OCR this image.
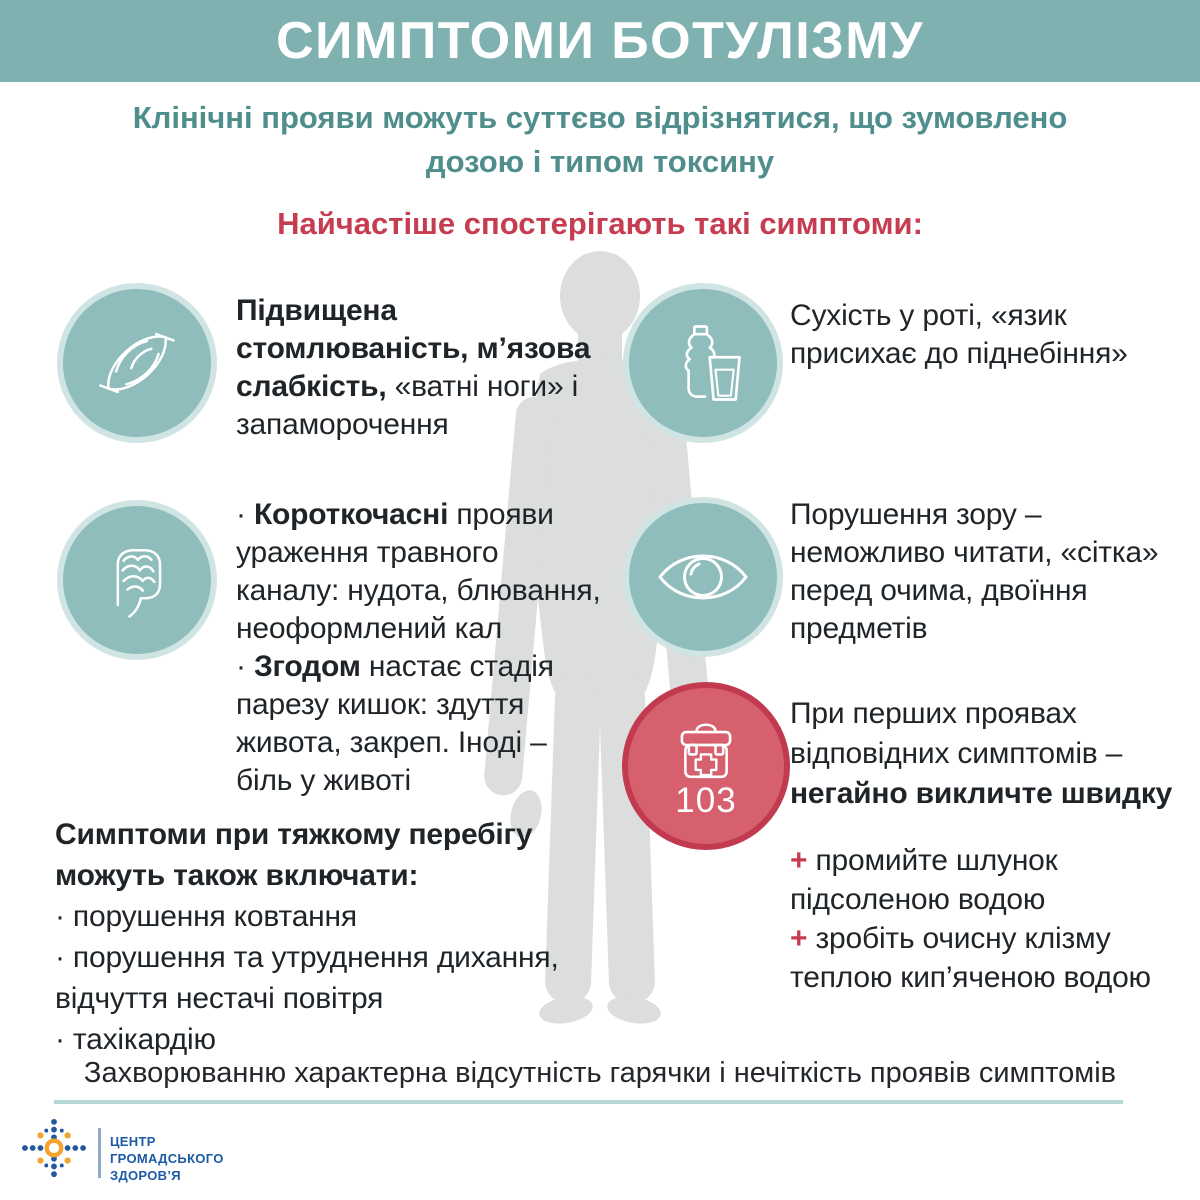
СИМПТОМИ БОТУЛІЗМУ
Клінічні прояви можуть суттєво відрізнятися, що зумовлено
дозою і типом токсину
Найчастіше спостерігають такі симптоми:
Підвищена
стомлюваність, м’язова
слабкість, «ватні ноги» і
запаморочення
· Короткочасні прояви
ураження травного
каналу: нудота, блювання,
неоформлений кал
· Згодом настає стадія
парезу кишок: здуття
живота, закреп. Іноді –
біль у животі
Сухість у роті, «язик
присихає до піднебіння»
Порушення зору –
неможливо читати, «сітка»
перед очима, двоїння
предметів
103
При перших проявах
відповідних симптомів –
негайно викличте швидку
+ промийте шлунок
підсоленою водою
+ зробіть очисну клізму
теплою кип’яченою водою
Симптоми при тяжкому перебігу
можуть також включати:
· порушення ковтання
· порушення та утруднення дихання,
відчуття нестачі повітря
· тахікардію
Захворюванню характерна відсутність гарячки і нечіткість проявів симптомів
ЦЕНТР
ГРОМАДСЬКОГО
ЗДОРОВ’Я
